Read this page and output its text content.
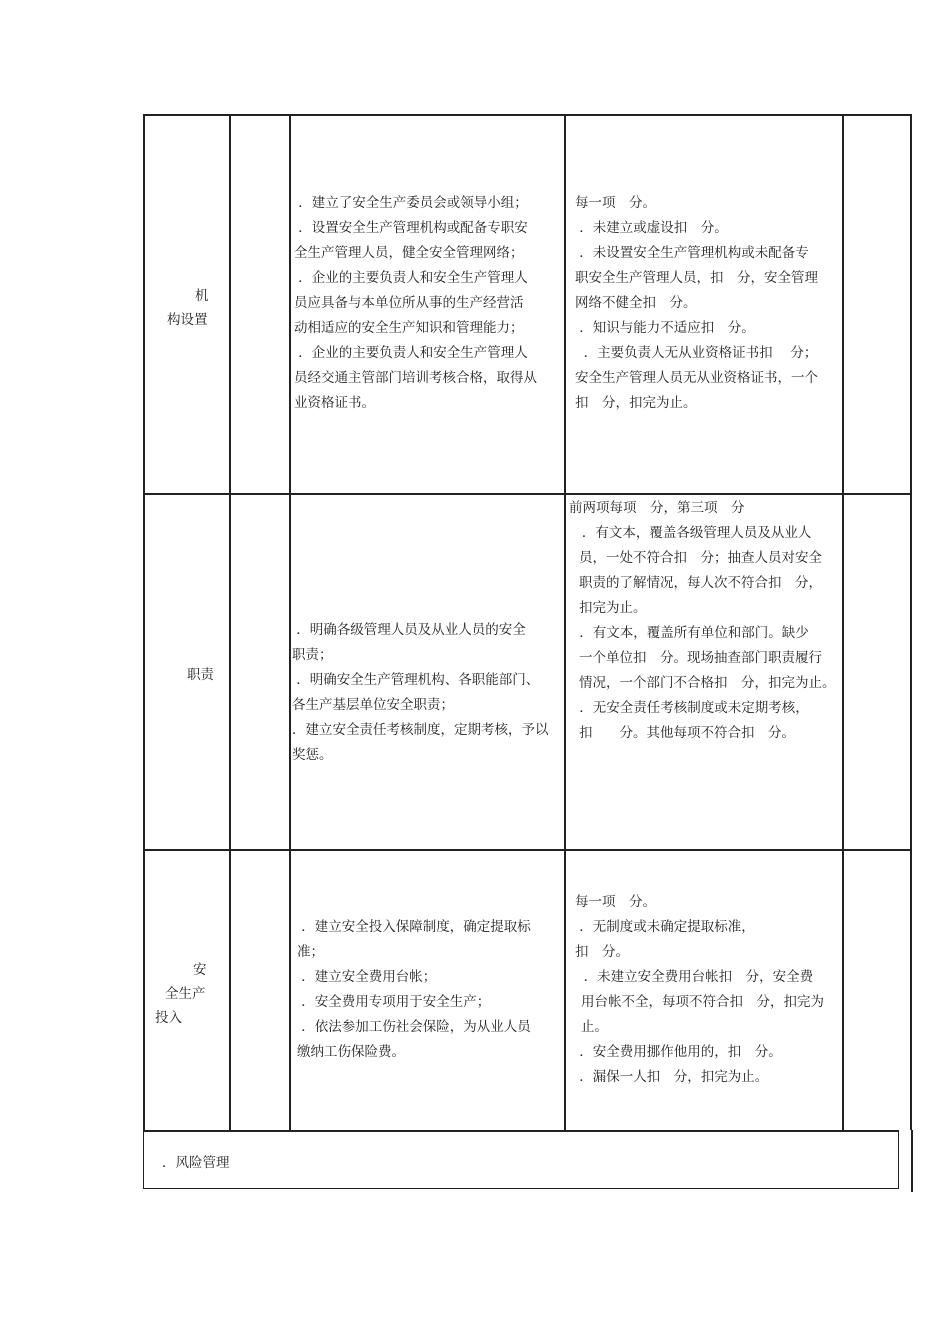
机
构设置
．建立了安全生产委员会或领导小组；
．设置安全生产管理机构或配备专职安
全生产管理人员，健全安全管理网络；
．企业的主要负责人和安全生产管理人
员应具备与本单位所从事的生产经营活
动相适应的安全生产知识和管理能力；
．企业的主要负责人和安全生产管理人
员经交通主管部门培训考核合格，取得从
业资格证书。
每一项　分。
．未建立或虚设扣　分。
．未设置安全生产管理机构或未配备专
职安全生产管理人员，扣　分，安全管理
网络不健全扣　分。
．知识与能力不适应扣　分。
．主要负责人无从业资格证书扣　 分；
安全生产管理人员无从业资格证书，一个
扣　分，扣完为止。
职责
．明确各级管理人员及从业人员的安全
职责；
．明确安全生产管理机构、各职能部门、
各生产基层单位安全职责；
．建立安全责任考核制度，定期考核，予以
奖惩。
前两项每项　分，第三项　分
．有文本，覆盖各级管理人员及从业人
员，一处不符合扣　分；抽查人员对安全
职责的了解情况，每人次不符合扣　分，
扣完为止。
．有文本，覆盖所有单位和部门。缺少
一个单位扣　分。现场抽查部门职责履行
情况，一个部门不合格扣　分，扣完为止。
．无安全责任考核制度或未定期考核，
扣　　分。其他每项不符合扣　分。
安
全生产
投入
．建立安全投入保障制度，确定提取标
准；
．建立安全费用台帐；
．安全费用专项用于安全生产；
．依法参加工伤社会保险，为从业人员
缴纳工伤保险费。
每一项　分。
．无制度或未确定提取标准，
扣　分。
．未建立安全费用台帐扣　分，安全费
用台帐不全，每项不符合扣　分，扣完为
止。
．安全费用挪作他用的，扣　分。
．漏保一人扣　分，扣完为止。
．风险管理
